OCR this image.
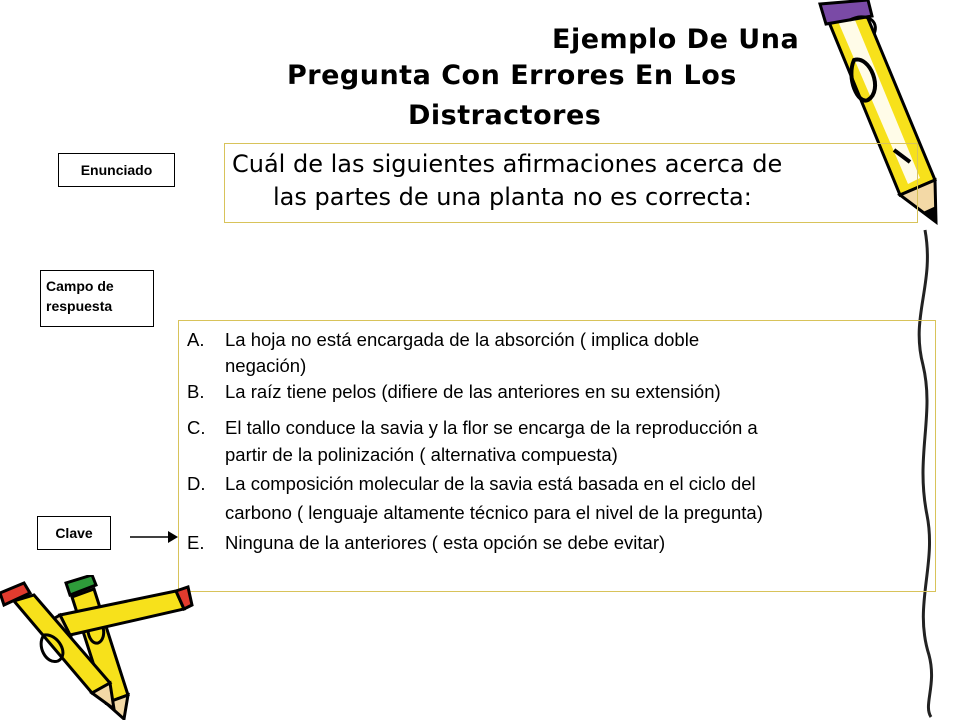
Ejemplo De Una
Pregunta Con Errores En Los
Distractores
Cuál de las siguientes afirmaciones acerca de
las partes de una planta no es correcta:
Enunciado
Campo de
respuesta
Clave
A. La hoja no está encargada de la absorción ( implica doble
negación)
B. La raíz tiene pelos (difiere de las anteriores en su extensión)
C. El tallo conduce la savia y la flor se encarga de la reproducción a
partir de la polinización ( alternativa compuesta)
D. La composición molecular de la savia está basada en el ciclo del
carbono ( lenguaje altamente técnico para el nivel de la pregunta)
E. Ninguna de la anteriores ( esta opción se debe evitar)
